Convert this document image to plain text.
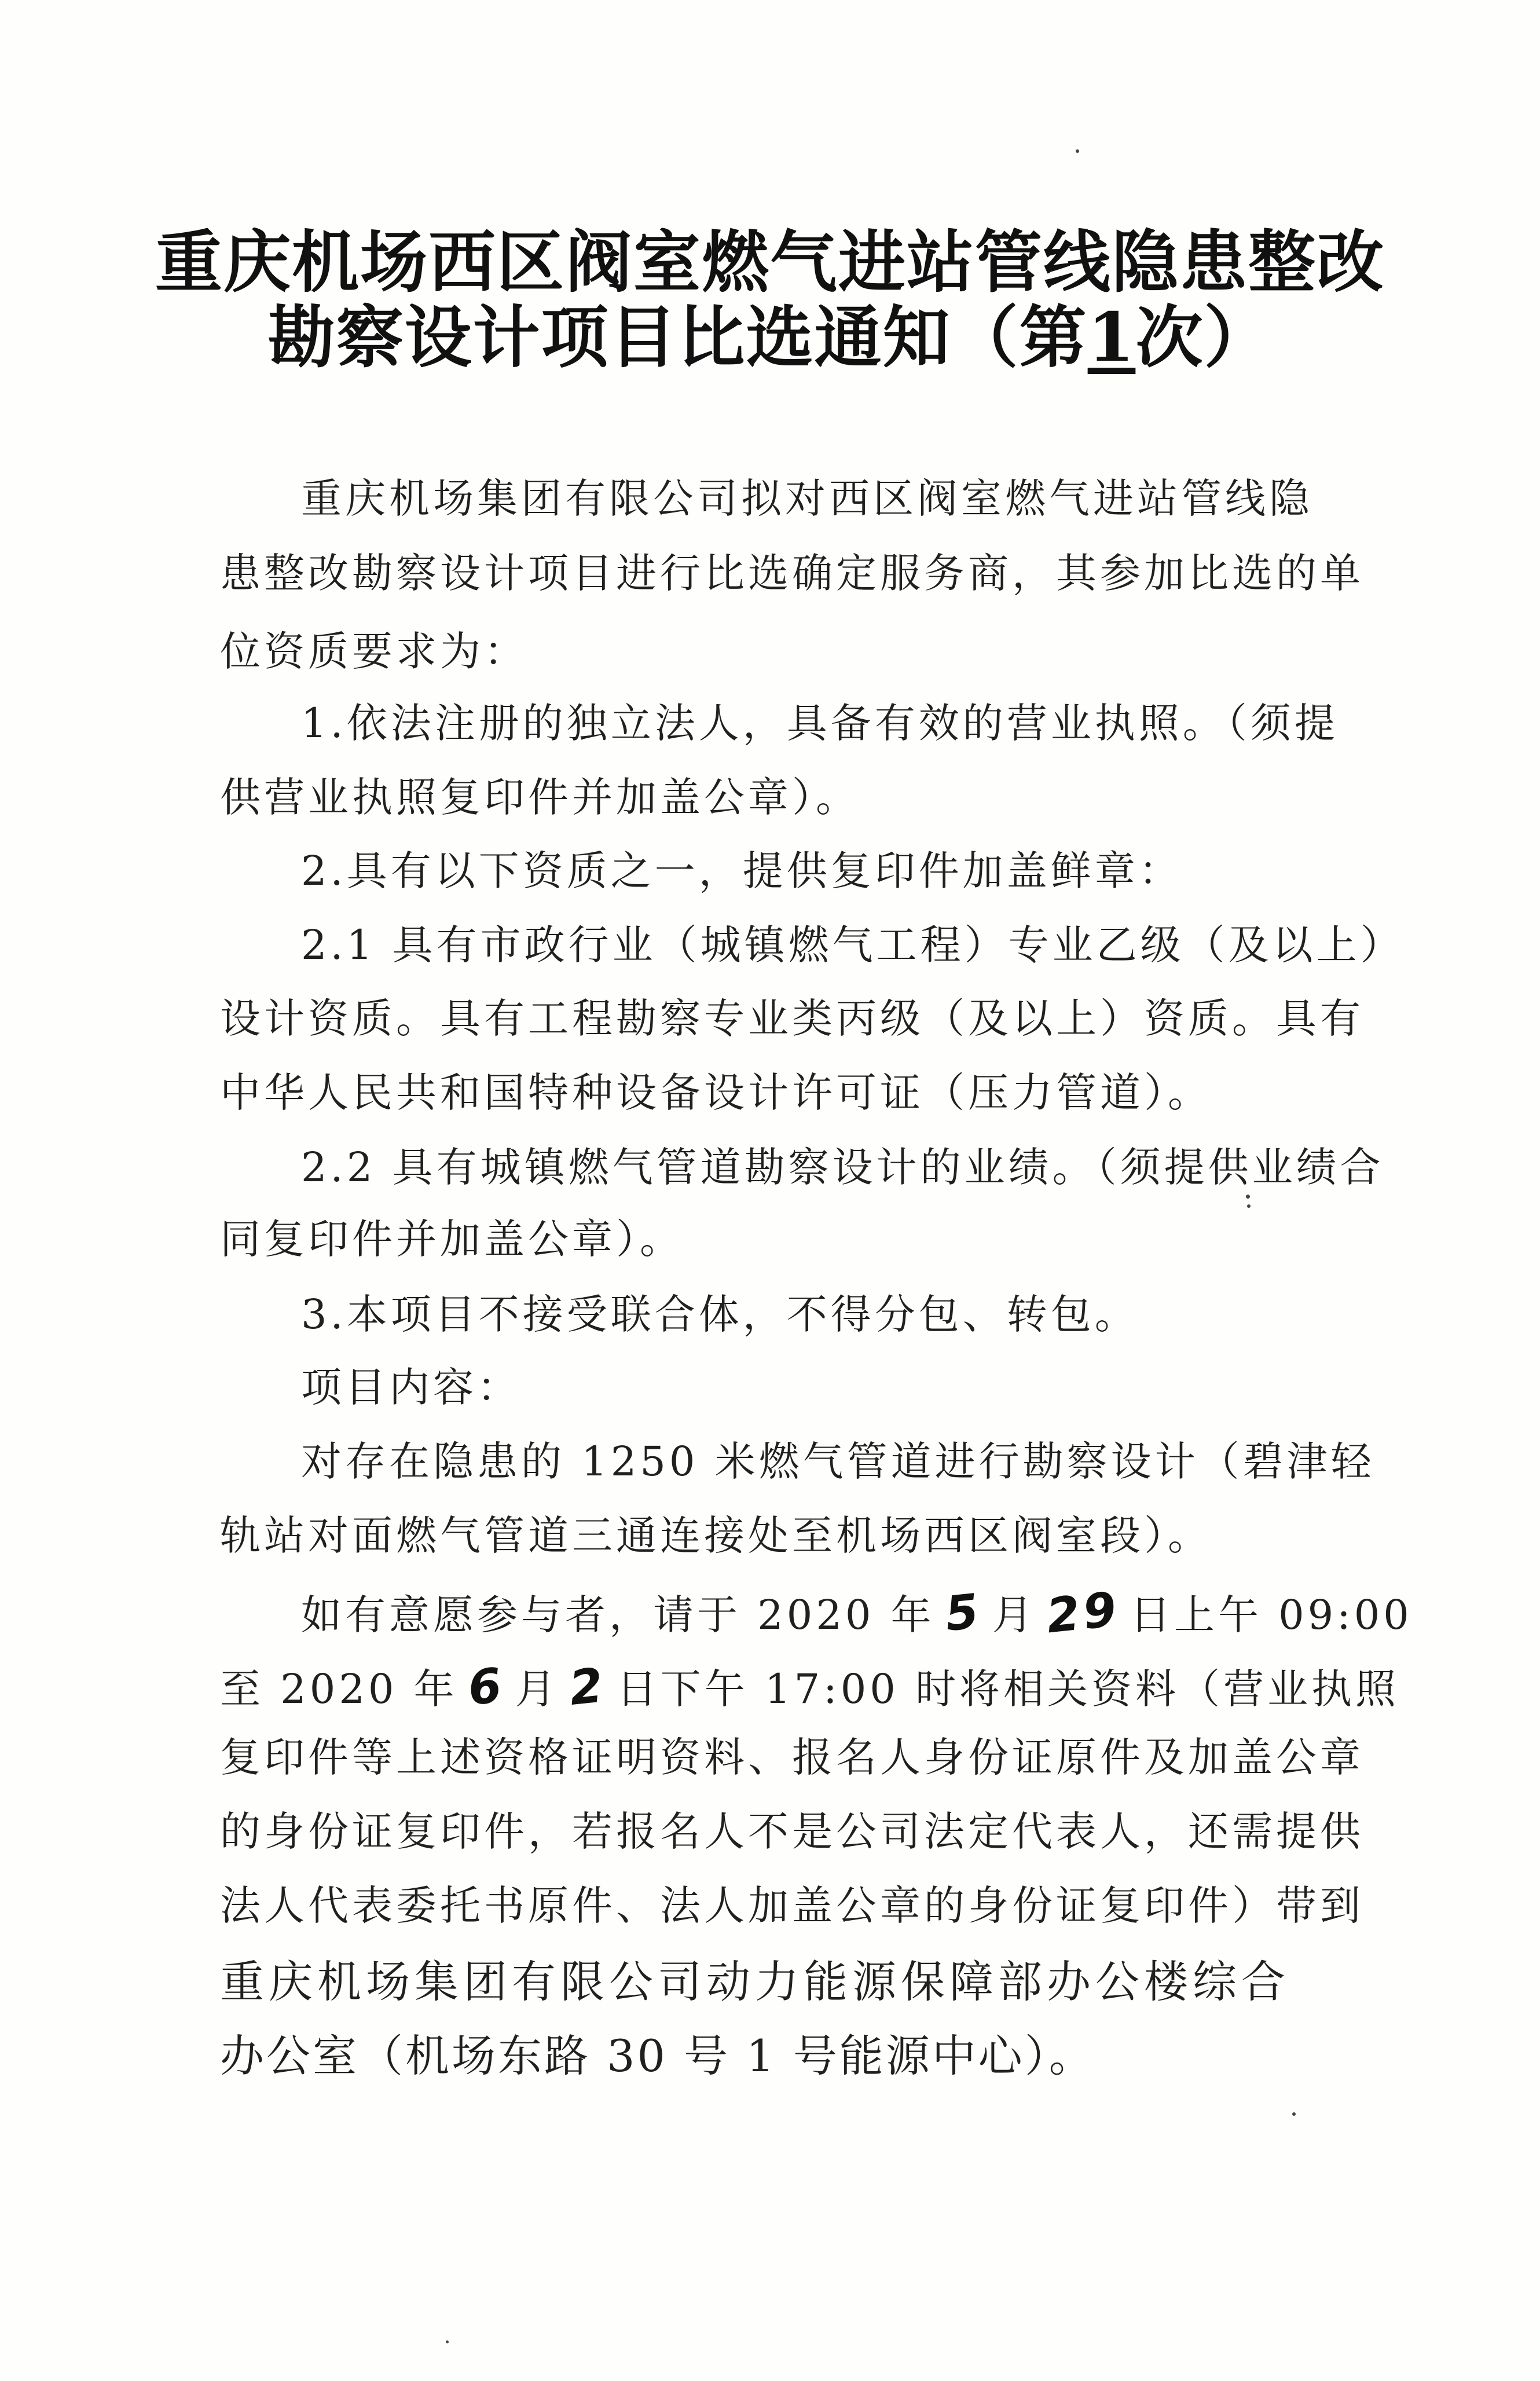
重庆机场西区阀室燃气进站管线隐患整改
勘察设计项目比选通知（第1次）
重庆机场集团有限公司拟对西区阀室燃气进站管线隐
患整改勘察设计项目进行比选确定服务商，其参加比选的单
位资质要求为：
1.依法注册的独立法人，具备有效的营业执照。（须提
供营业执照复印件并加盖公章）。
2.具有以下资质之一，提供复印件加盖鲜章：
2.1 具有市政行业（城镇燃气工程）专业乙级（及以上）
设计资质。具有工程勘察专业类丙级（及以上）资质。具有
中华人民共和国特种设备设计许可证（压力管道）。
2.2 具有城镇燃气管道勘察设计的业绩。（须提供业绩合
同复印件并加盖公章）。
3.本项目不接受联合体，不得分包、转包。
项目内容：
对存在隐患的 1250 米燃气管道进行勘察设计（碧津轻
轨站对面燃气管道三通连接处至机场西区阀室段）。
如有意愿参与者，请于 2020 年 5 月 29 日上午 09:00
至 2020 年 6 月 2 日下午 17:00 时将相关资料（营业执照
复印件等上述资格证明资料、报名人身份证原件及加盖公章
的身份证复印件，若报名人不是公司法定代表人，还需提供
法人代表委托书原件、法人加盖公章的身份证复印件）带到
重庆机场集团有限公司动力能源保障部办公楼综合
办公室（机场东路 30 号 1 号能源中心）。
